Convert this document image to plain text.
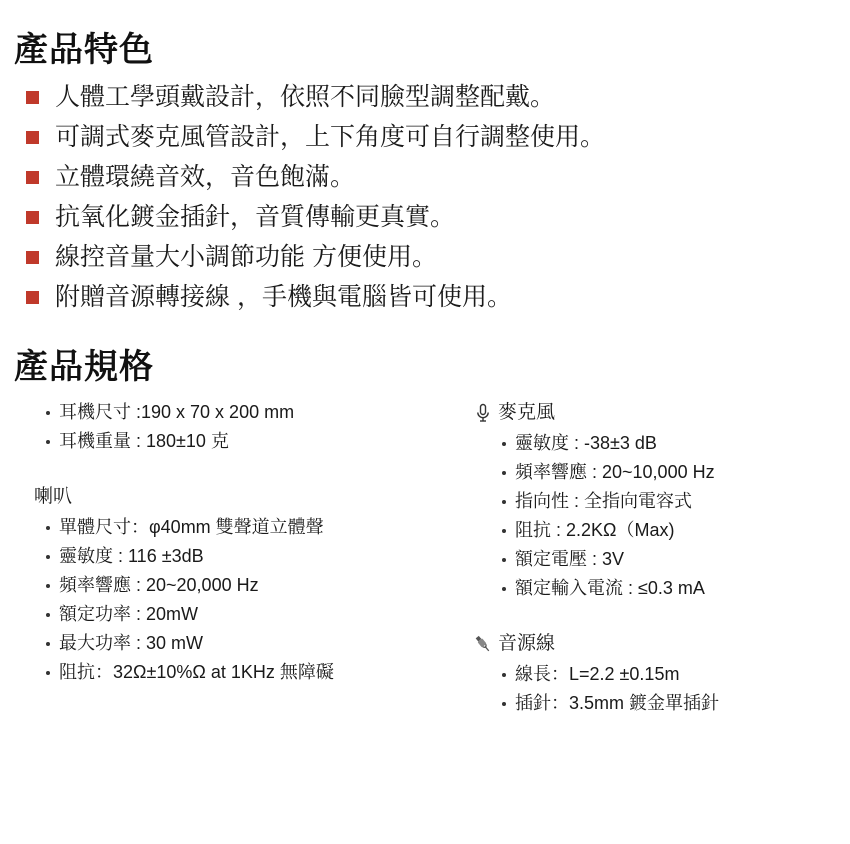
產品特色
人體工學頭戴設計，依照不同臉型調整配戴。
可調式麥克風管設計，上下角度可自行調整使用。
立體環繞音效，音色飽滿。
抗氧化鍍金插針，音質傳輸更真實。
線控音量大小調節功能 方便使用。
附贈音源轉接線 ，手機與電腦皆可使用。
產品規格
耳機尺寸 :190 x 70 x 200 mm
耳機重量 : 180±10 克
喇叭
單體尺寸：φ40mm 雙聲道立體聲
靈敏度 : 116 ±3dB
頻率響應 : 20~20,000 Hz
額定功率 : 20mW
最大功率 : 30 mW
阻抗：32Ω±10%Ω at 1KHz 無障礙
麥克風
靈敏度 : -38±3 dB
頻率響應 : 20~10,000 Hz
指向性 : 全指向電容式
阻抗 : 2.2KΩ（Max)
額定電壓 : 3V
額定輸入電流 : ≤0.3 mA
音源線
線長：L=2.2 ±0.15m
插針：3.5mm 鍍金單插針
